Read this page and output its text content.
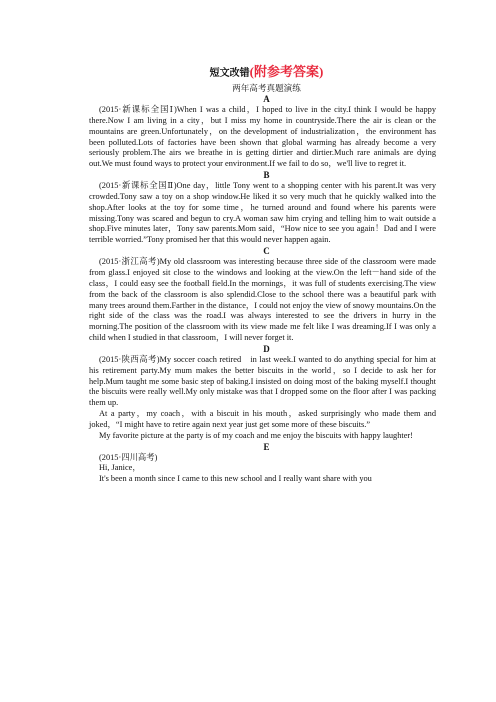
短文改错(附参考答案)
两年高考真题演练
A

(2015·新课标全国Ⅰ)When I was a child，I hoped to live in the city.I think I would be happy there.Now I am living in a city，but I miss my home in countryside.There the air is clean or the mountains are green.Unfortunately，on the development of industrialization，the environment has been polluted.Lots of factories have been shown that global warming has already become a very seriously problem.The airs we breathe in is getting dirtier and dirtier.Much rare animals are dying out.We must found ways to protect your environment.If we fail to do so，we'll live to regret it.

B

(2015·新课标全国Ⅱ)One day，little Tony went to a shopping center with his parent.It was very crowded.Tony saw a toy on a shop window.He liked it so very much that he quickly walked into the shop.After looks at the toy for some time，he turned around and found where his parents were missing.Tony was scared and begun to cry.A woman saw him crying and telling him to wait outside a shop.Five minutes later，Tony saw parents.Mom said，“How nice to see you again！Dad and I were terrible worried.”Tony promised her that this would never happen again.

C

(2015·浙江高考)My old classroom was interesting because three side of the classroom were made from glass.I enjoyed sit close to the windows and looking at the view.On the left－hand side of the class，I could easy see the football field.In the mornings，it was full of students exercising.The view from the back of the classroom is also splendid.Close to the school there was a beautiful park with many trees around them.Farther in the distance，I could not enjoy the view of snowy mountains.On the right side of the class was the road.I was always interested to see the drivers in hurry in the morning.The position of the classroom with its view made me felt like I was dreaming.If I was only a child when I studied in that classroom，I will never forget it.

D

(2015·陕西高考)My soccer coach retired　in last week.I wanted to do anything special for him at his retirement party.My mum makes the better biscuits in the world，so I decide to ask her for help.Mum taught me some basic step of baking.I insisted on doing most of the baking myself.I thought the biscuits were really well.My only mistake was that I dropped some on the floor after I was packing them up.

At a party，my coach，with a biscuit in his mouth，asked surprisingly who made them and joked，“I might have to retire again next year just get some more of these biscuits.”

My favorite picture at the party is of my coach and me enjoy the biscuits with happy laughter!

E

(2015·四川高考)

Hi, Janice，

It's been a month since I came to this new school and I really want share with you
